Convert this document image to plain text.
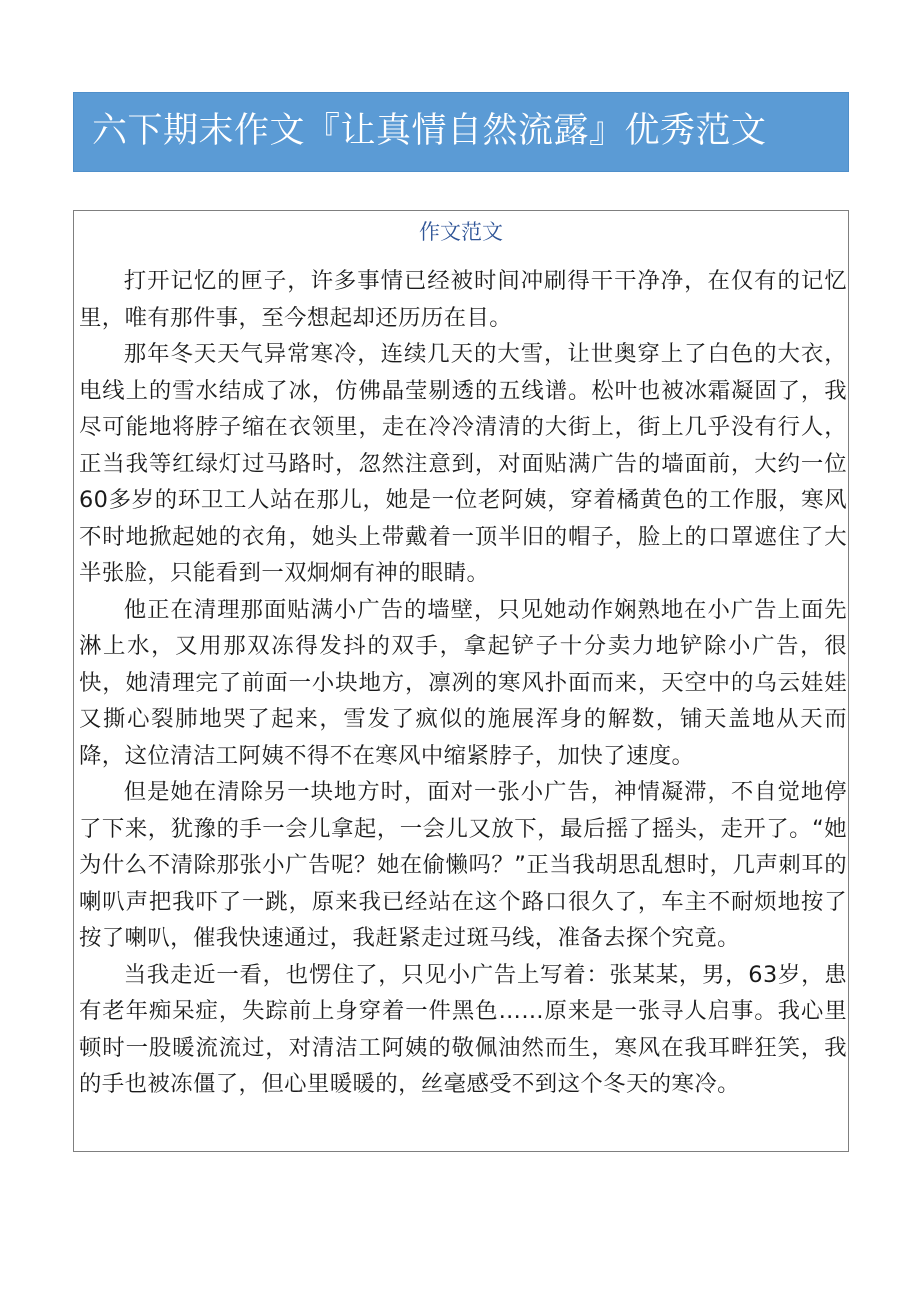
六下期末作文『让真情自然流露』优秀范文
作文范文

打开记忆的匣子，许多事情已经被时间冲刷得干干净净，在仅有的记忆里，唯有那件事，至今想起却还历历在目。

那年冬天天气异常寒冷，连续几天的大雪，让世奥穿上了白色的大衣，电线上的雪水结成了冰，仿佛晶莹剔透的五线谱。松叶也被冰霜凝固了，我尽可能地将脖子缩在衣领里，走在冷冷清清的大街上，街上几乎没有行人，正当我等红绿灯过马路时，忽然注意到，对面贴满广告的墙面前，大约一位60多岁的环卫工人站在那儿，她是一位老阿姨，穿着橘黄色的工作服，寒风不时地掀起她的衣角，她头上带戴着一顶半旧的帽子，脸上的口罩遮住了大半张脸，只能看到一双炯炯有神的眼睛。

他正在清理那面贴满小广告的墙壁，只见她动作娴熟地在小广告上面先淋上水，又用那双冻得发抖的双手，拿起铲子十分卖力地铲除小广告，很快，她清理完了前面一小块地方，凛冽的寒风扑面而来，天空中的乌云娃娃又撕心裂肺地哭了起来，雪发了疯似的施展浑身的解数，铺天盖地从天而降，这位清洁工阿姨不得不在寒风中缩紧脖子，加快了速度。

但是她在清除另一块地方时，面对一张小广告，神情凝滞，不自觉地停了下来，犹豫的手一会儿拿起，一会儿又放下，最后摇了摇头，走开了。“她为什么不清除那张小广告呢？她在偷懒吗？”正当我胡思乱想时，几声刺耳的喇叭声把我吓了一跳，原来我已经站在这个路口很久了，车主不耐烦地按了按了喇叭，催我快速通过，我赶紧走过斑马线，准备去探个究竟。

当我走近一看，也愣住了，只见小广告上写着：张某某，男，63岁，患有老年痴呆症，失踪前上身穿着一件黑色……原来是一张寻人启事。我心里顿时一股暖流流过，对清洁工阿姨的敬佩油然而生，寒风在我耳畔狂笑，我的手也被冻僵了，但心里暖暖的，丝毫感受不到这个冬天的寒冷。
